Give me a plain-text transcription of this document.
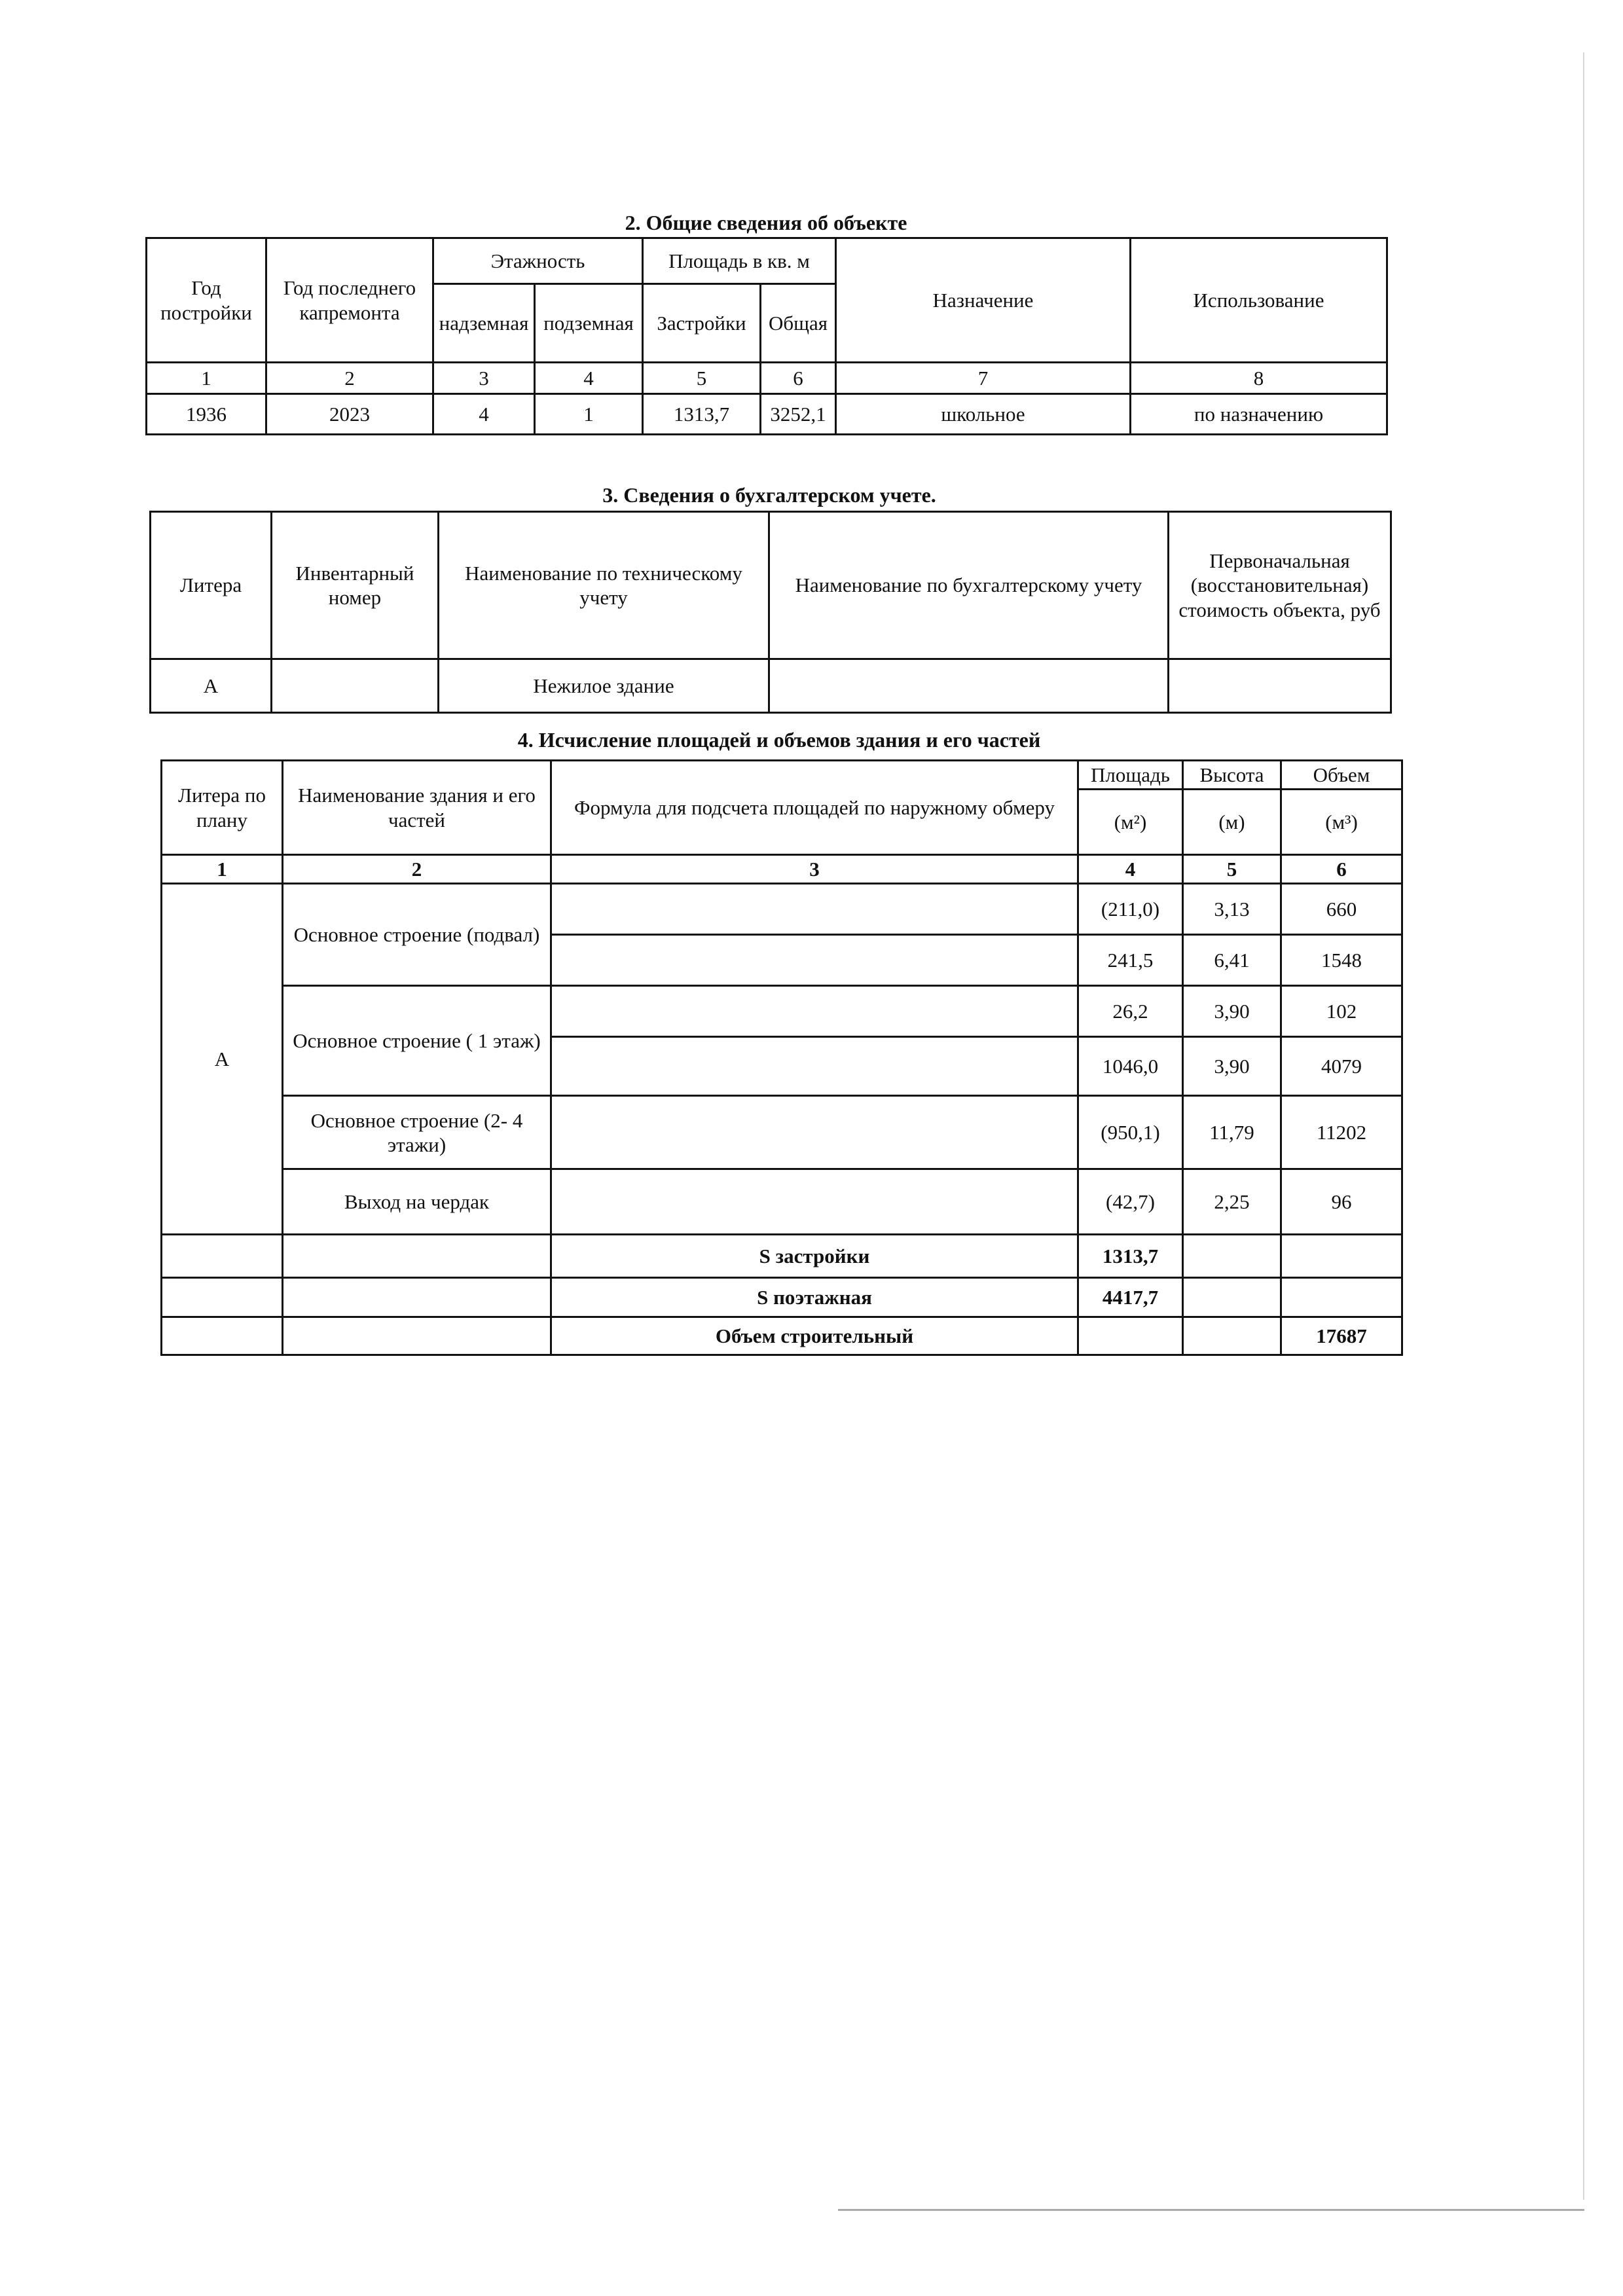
2. Общие сведения об объекте
Год постройки	Год последнего капремонта	Этажность		Площадь в кв. м		Назначение	Использование
		надземная	подземная	Застройки	Общая		
1	2	3	4	5	6	7	8
1936	2023	4	1	1313,7	3252,1	школьное	по назначению
3. Сведения о бухгалтерском учете.
Литера	Инвентарный номер	Наименование по техническому учету	Наименование по бухгалтерскому учету	Первоначальная (восстановительная) стоимость объекта, руб
А		Нежилое здание		
4. Исчисление площадей и объемов здания и его частей
Литера по плану	Наименование здания и его частей	Формула для подсчета площадей по наружному обмеру	Площадь	Высота	Объем
			(м²)	(м)	(м³)
1	2	3	4	5	6
А	Основное строение (подвал)		(211,0)	3,13	660
			241,5	6,41	1548
	Основное строение ( 1 этаж)		26,2	3,90	102
			1046,0	3,90	4079
	Основное строение (2- 4 этажи)		(950,1)	11,79	11202
	Выход на чердак		(42,7)	2,25	96
		S застройки	1313,7		
		S поэтажная	4417,7		
		Объем строительный			17687
